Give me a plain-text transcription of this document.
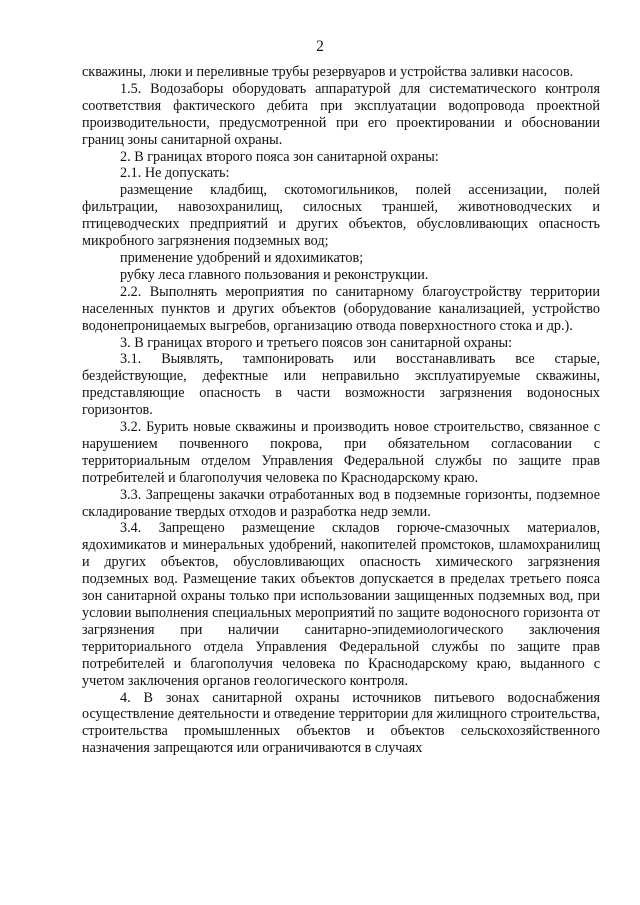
2

скважины, люки и переливные трубы резервуаров и устройства заливки насосов.

1.5. Водозаборы оборудовать аппаратурой для систематического контроля соответствия фактического дебита при эксплуатации водопровода проектной производительности, предусмотренной при его проектировании и обосновании границ зоны санитарной охраны.

2. В границах второго пояса зон санитарной охраны:

2.1. Не допускать:

размещение кладбищ, скотомогильников, полей ассенизации, полей фильтрации, навозохранилищ, силосных траншей, животноводческих и птицеводческих предприятий и других объектов, обусловливающих опасность микробного загрязнения подземных вод;

применение удобрений и ядохимикатов;

рубку леса главного пользования и реконструкции.

2.2. Выполнять мероприятия по санитарному благоустройству территории населенных пунктов и других объектов (оборудование канализацией, устройство водонепроницаемых выгребов, организацию отвода поверхностного стока и др.).

3. В границах второго и третьего поясов зон санитарной охраны:

3.1. Выявлять, тампонировать или восстанавливать все старые, бездействующие, дефектные или неправильно эксплуатируемые скважины, представляющие опасность в части возможности загрязнения водоносных горизонтов.

3.2. Бурить новые скважины и производить новое строительство, связанное с нарушением почвенного покрова, при обязательном согласовании с территориальным отделом Управления Федеральной службы по защите прав потребителей и благополучия человека по Краснодарскому краю.

3.3. Запрещены закачки отработанных вод в подземные горизонты, подземное складирование твердых отходов и разработка недр земли.

3.4. Запрещено размещение складов горюче-смазочных материалов, ядохимикатов и минеральных удобрений, накопителей промстоков, шламохранилищ и других объектов, обусловливающих опасность химического загрязнения подземных вод. Размещение таких объектов допускается в пределах третьего пояса зон санитарной охраны только при использовании защищенных подземных вод, при условии выполнения специальных мероприятий по защите водоносного горизонта от загрязнения при наличии санитарно-эпидемиологического заключения территориального отдела Управления Федеральной службы по защите прав потребителей и благополучия человека по Краснодарскому краю, выданного с учетом заключения органов геологического контроля.

4. В зонах санитарной охраны источников питьевого водоснабжения осуществление деятельности и отведение территории для жилищного строительства, строительства промышленных объектов и объектов сельскохозяйственного назначения запрещаются или ограничиваются в случаях
